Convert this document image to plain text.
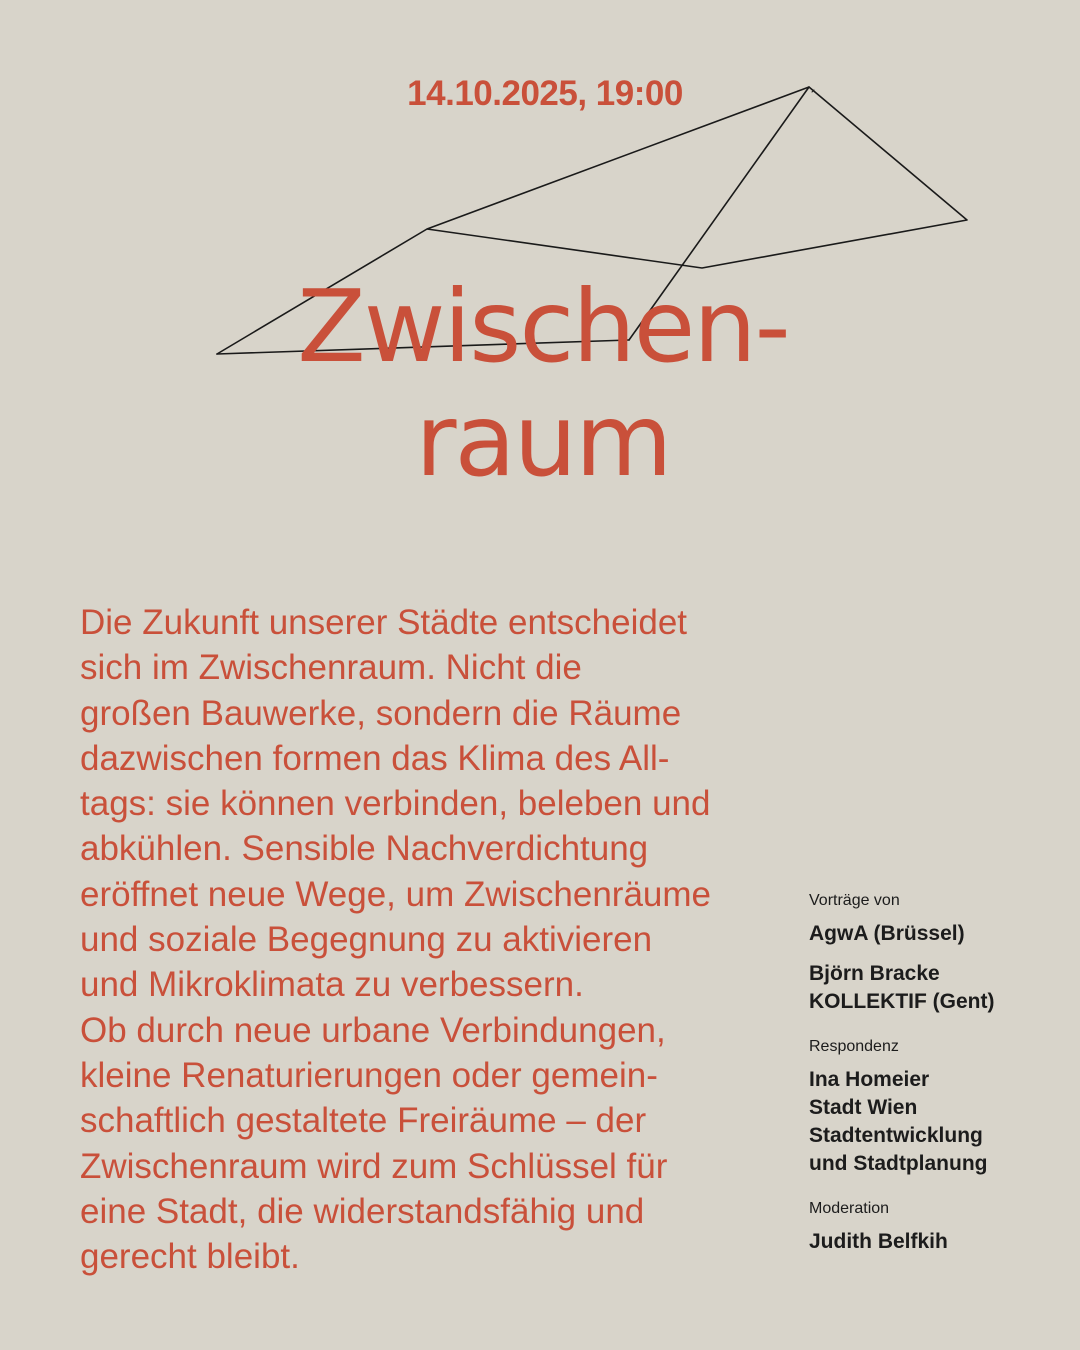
14.10.2025, 19:00
Zwischen-
raum
Die Zukunft unserer Städte entscheidet
sich im Zwischenraum. Nicht die
großen Bauwerke, sondern die Räume
dazwischen formen das Klima des All-
tags: sie können verbinden, beleben und
abkühlen. Sensible Nachverdichtung
eröffnet neue Wege, um Zwischenräume
und soziale Begegnung zu aktivieren
und Mikroklimata zu verbessern.
Ob durch neue urbane Verbindungen,
kleine Renaturierungen oder gemein-
schaftlich gestaltete Freiräume – der
Zwischenraum wird zum Schlüssel für
eine Stadt, die widerstandsfähig und
gerecht bleibt.
Vorträge von
AgwA (Brüssel)
Björn Bracke
KOLLEKTIF (Gent)
Respondenz
Ina Homeier
Stadt Wien
Stadtentwicklung
und Stadtplanung
Moderation
Judith Belfkih
